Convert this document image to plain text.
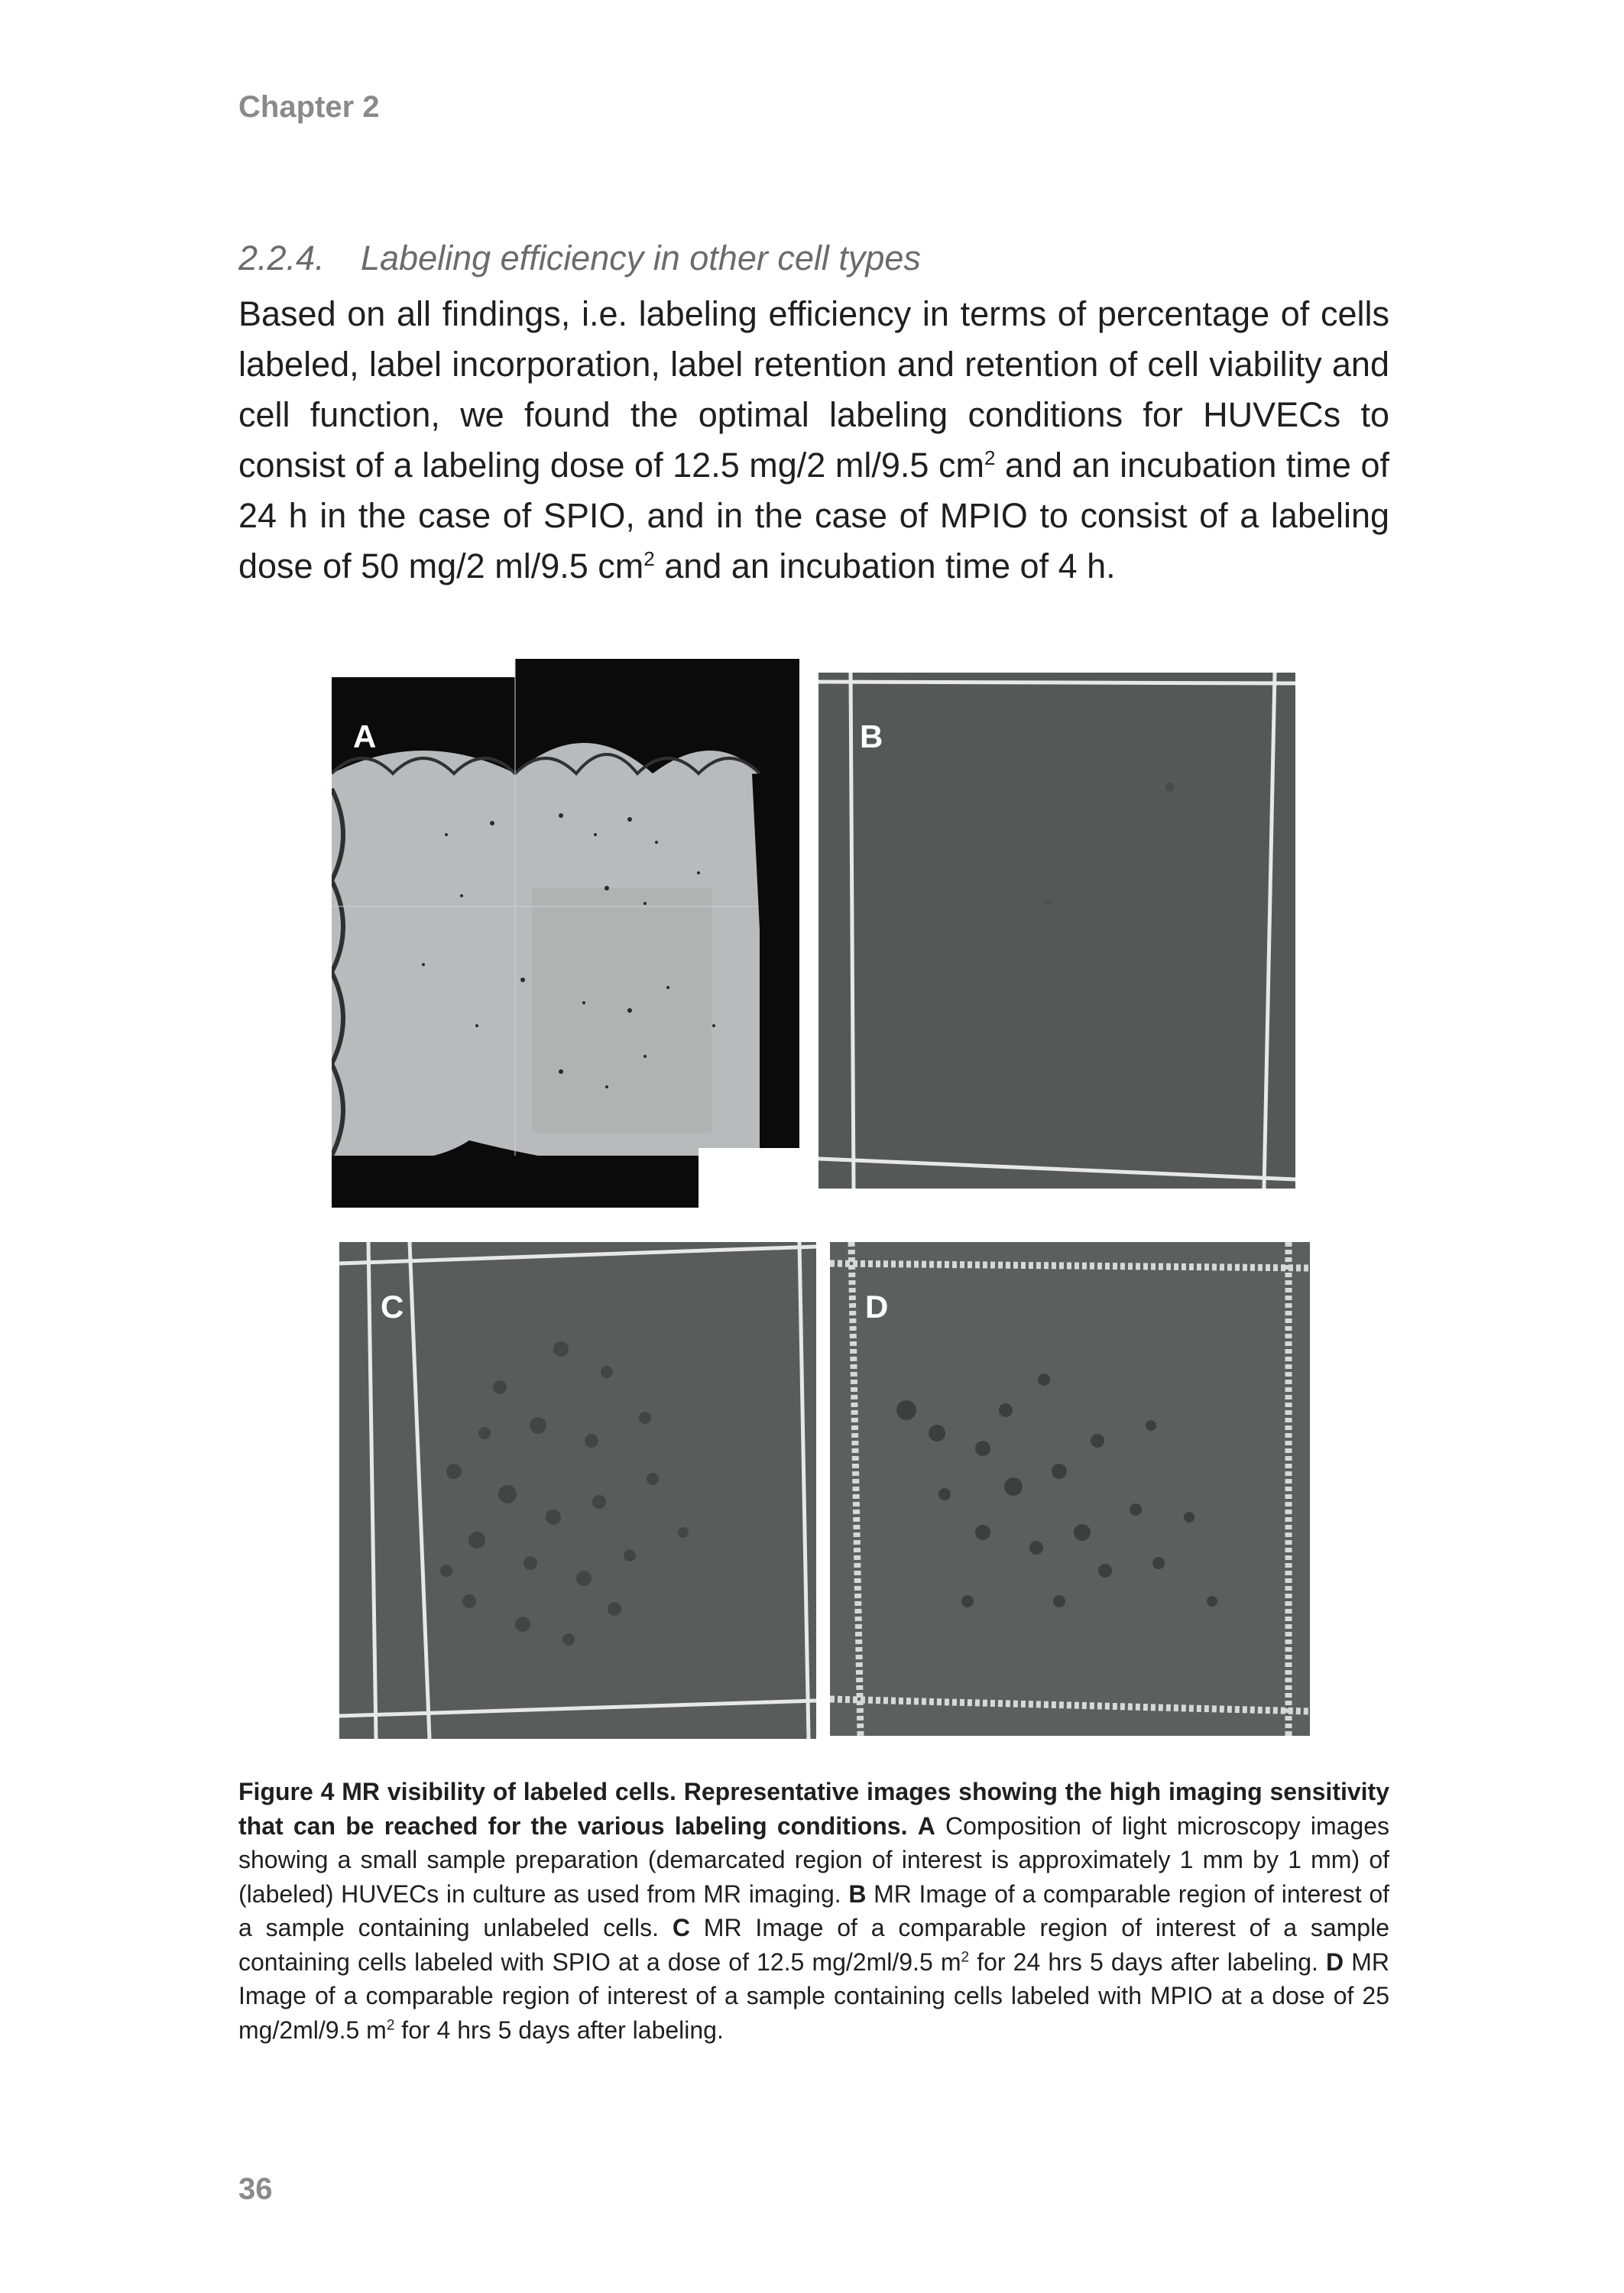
Chapter 2
2.2.4. Labeling efficiency in other cell types
Based on all findings, i.e. labeling efficiency in terms of percentage of cells labeled, label incorporation, label retention and retention of cell viability and cell function, we found the optimal labeling conditions for HUVECs to consist of a labeling dose of 12.5 mg/2 ml/9.5 $cm^2$ and an incubation time of 24 h in the case of SPIO, and in the case of MPIO to consist of a labeling dose of 50 mg/2 ml/9.5 $cm^2$ and an incubation time of 4 h.
A	B
C	D
Figure 4 MR visibility of labeled cells. Representative images showing the high imaging sensitivity that can be reached for the various labeling conditions. A Composition of light microscopy images showing a small sample preparation (demarcated region of interest is approximately 1 mm by 1 mm) of (labeled) HUVECs in culture as used from MR imaging. B MR Image of a comparable region of interest of a sample containing unlabeled cells. C MR Image of a comparable region of interest of a sample containing cells labeled with SPIO at a dose of 12.5 mg/2ml/9.5 $m^2$ for 24 hrs 5 days after labeling. D MR Image of a comparable region of interest of a sample containing cells labeled with MPIO at a dose of 25 mg/2ml/9.5 $m^2$ for 4 hrs 5 days after labeling.
36
